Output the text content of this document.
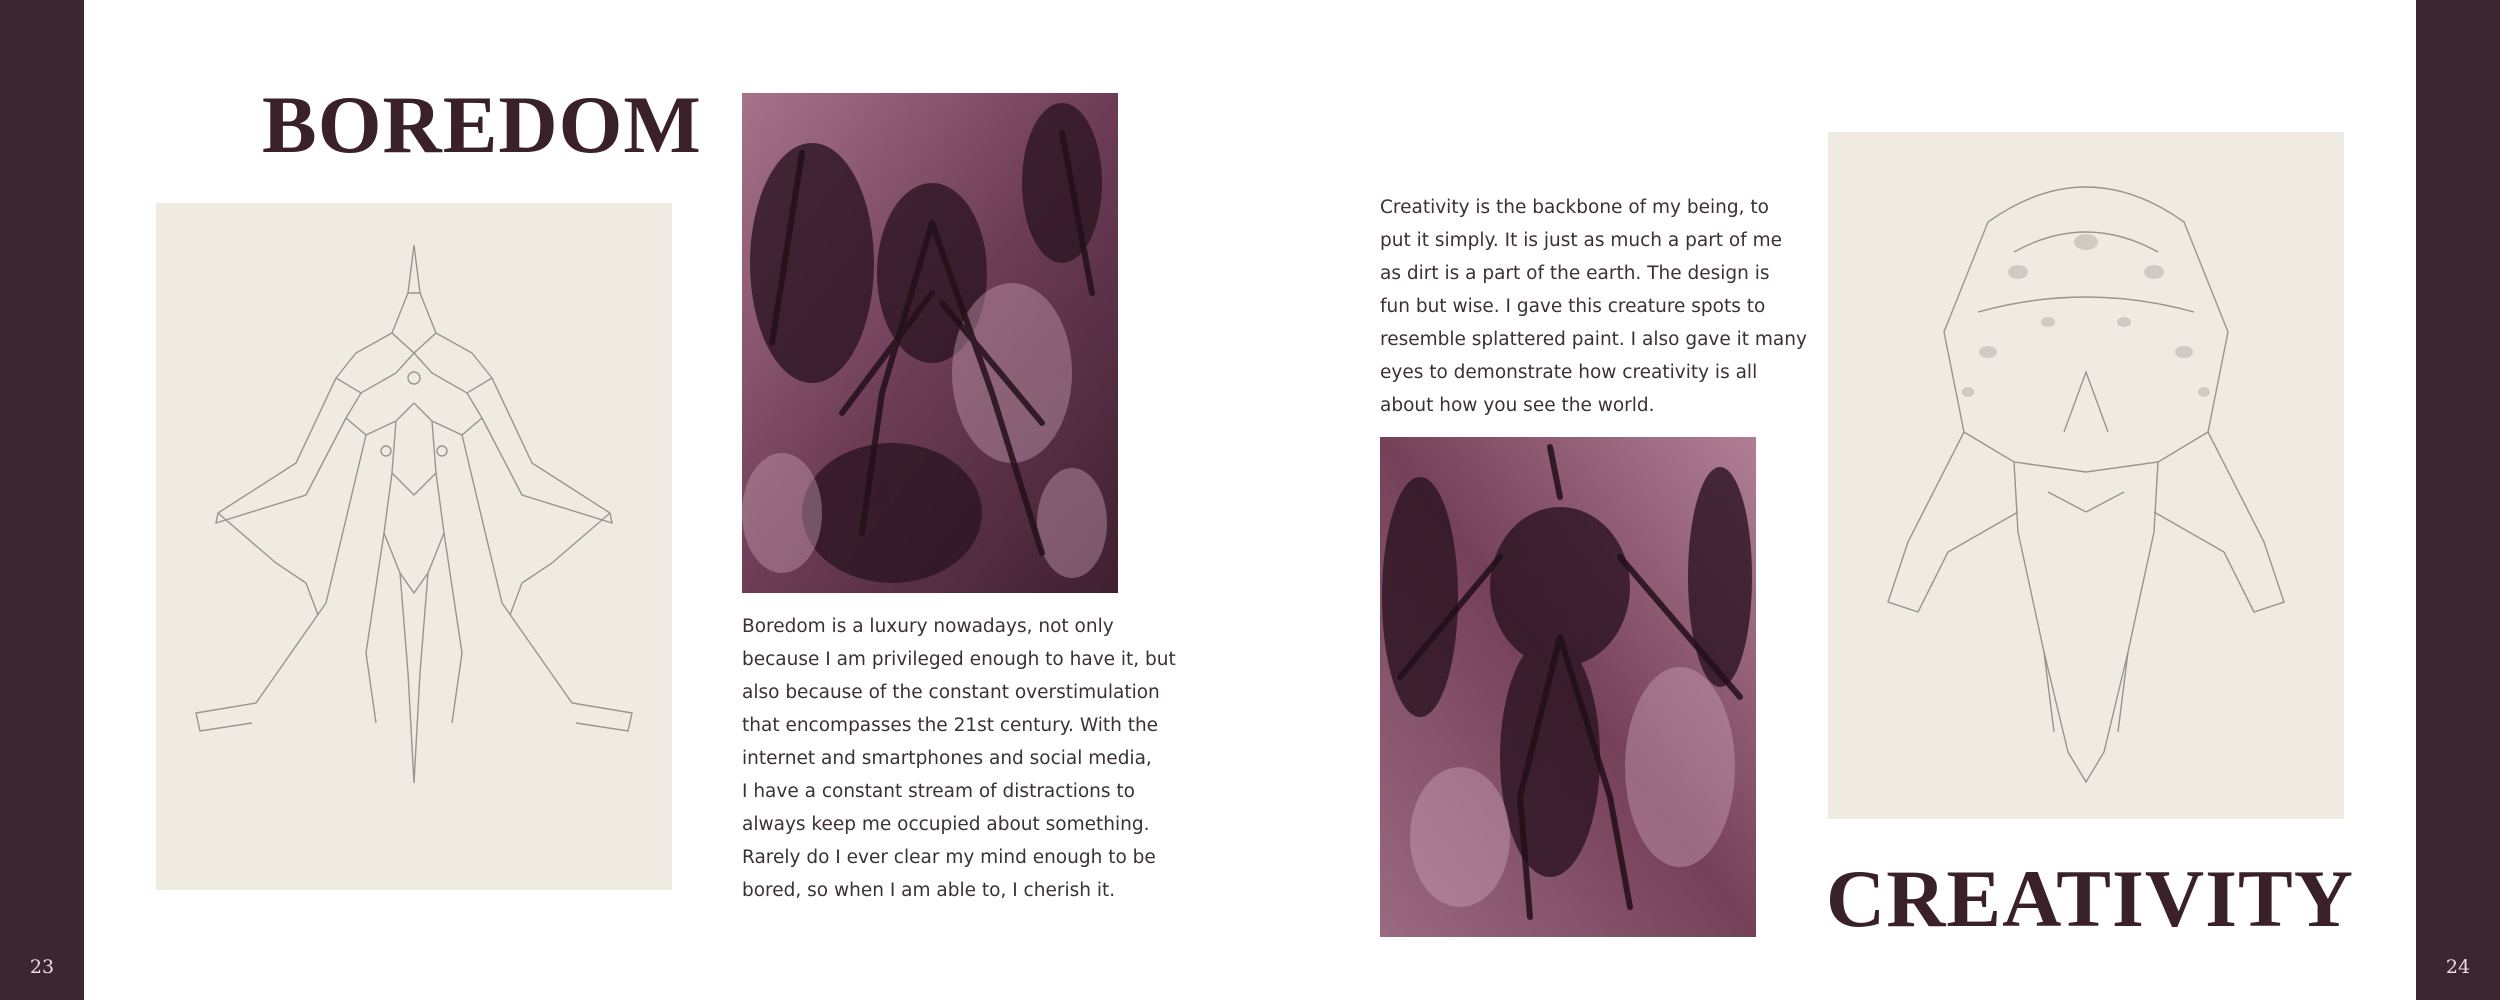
23	24
BOREDOM

Boredom is a luxury nowadays, not only
because I am privileged enough to have it, but
also because of the constant overstimulation
that encompasses the 21st century. With the
internet and smartphones and social media,
I have a constant stream of distractions to
always keep me occupied about something.
Rarely do I ever clear my mind enough to be
bored, so when I am able to, I cherish it.

Creativity is the backbone of my being, to
put it simply. It is just as much a part of me
as dirt is a part of the earth. The design is
fun but wise. I gave this creature spots to
resemble splattered paint. I also gave it many
eyes to demonstrate how creativity is all
about how you see the world.

CREATIVITY
